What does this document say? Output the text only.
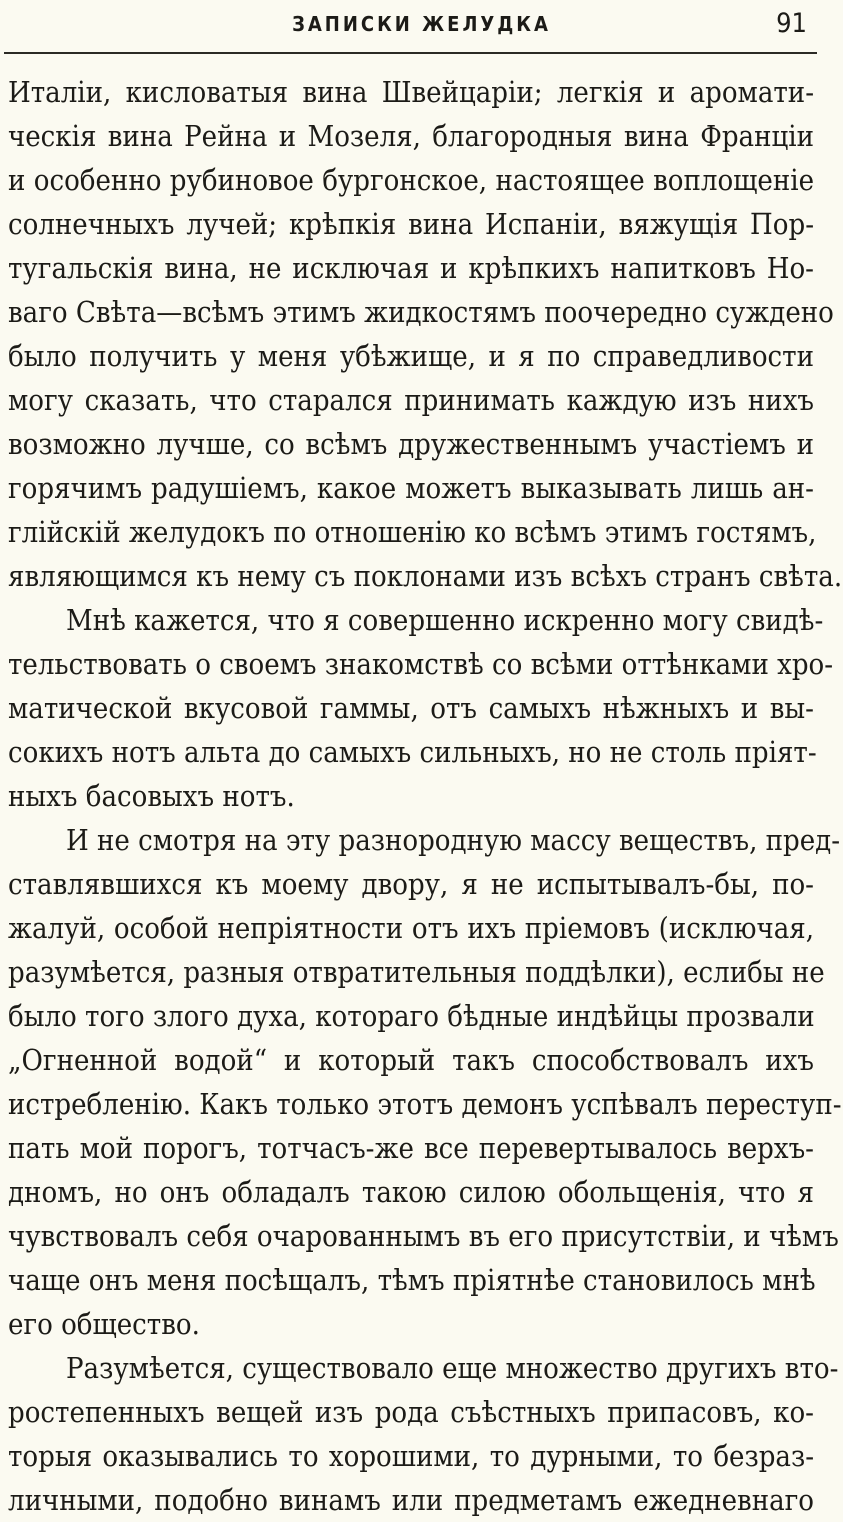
ЗАПИСКИ ЖЕЛУДКА	91
Италіи, кисловатыя вина Швейцаріи; легкія и аромати-
ческія вина Рейна и Мозеля, благородныя вина Франціи
и особенно рубиновое бургонское, настоящее воплощеніе
солнечныхъ лучей; крѣпкія вина Испаніи, вяжущія Пор-
тугальскія вина, не исключая и крѣпкихъ напитковъ Но-
ваго Свѣта—всѣмъ этимъ жидкостямъ поочередно суждено
было получить у меня убѣжище, и я по справедливости
могу сказать, что старался принимать каждую изъ нихъ
возможно лучше, со всѣмъ дружественнымъ участіемъ и
горячимъ радушіемъ, какое можетъ выказывать лишь ан-
глійскій желудокъ по отношенію ко всѣмъ этимъ гостямъ,
являющимся къ нему съ поклонами изъ всѣхъ странъ свѣта.
Мнѣ кажется, что я совершенно искренно могу свидѣ-
тельствовать о своемъ знакомствѣ со всѣми оттѣнками хро-
матической вкусовой гаммы, отъ самыхъ нѣжныхъ и вы-
сокихъ нотъ альта до самыхъ сильныхъ, но не столь пріят-
ныхъ басовыхъ нотъ.
И не смотря на эту разнородную массу веществъ, пред-
ставлявшихся къ моему двору, я не испытывалъ-бы, по-
жалуй, особой непріятности отъ ихъ пріемовъ (исключая,
разумѣется, разныя отвратительныя поддѣлки), еслибы не
было того злого духа, котораго бѣдные индѣйцы прозвали
„Огненной водой“ и который такъ способствовалъ ихъ
истребленію. Какъ только этотъ демонъ успѣвалъ переступ-
пать мой порогъ, тотчасъ-же все перевертывалось верхъ-
дномъ, но онъ обладалъ такою силою обольщенія, что я
чувствовалъ себя очарованнымъ въ его присутствіи, и чѣмъ
чаще онъ меня посѣщалъ, тѣмъ пріятнѣе становилось мнѣ
его общество.
Разумѣется, существовало еще множество другихъ вто-
ростепенныхъ вещей изъ рода съѣстныхъ припасовъ, ко-
торыя оказывались то хорошими, то дурными, то безраз-
личными, подобно винамъ или предметамъ ежедневнаго
